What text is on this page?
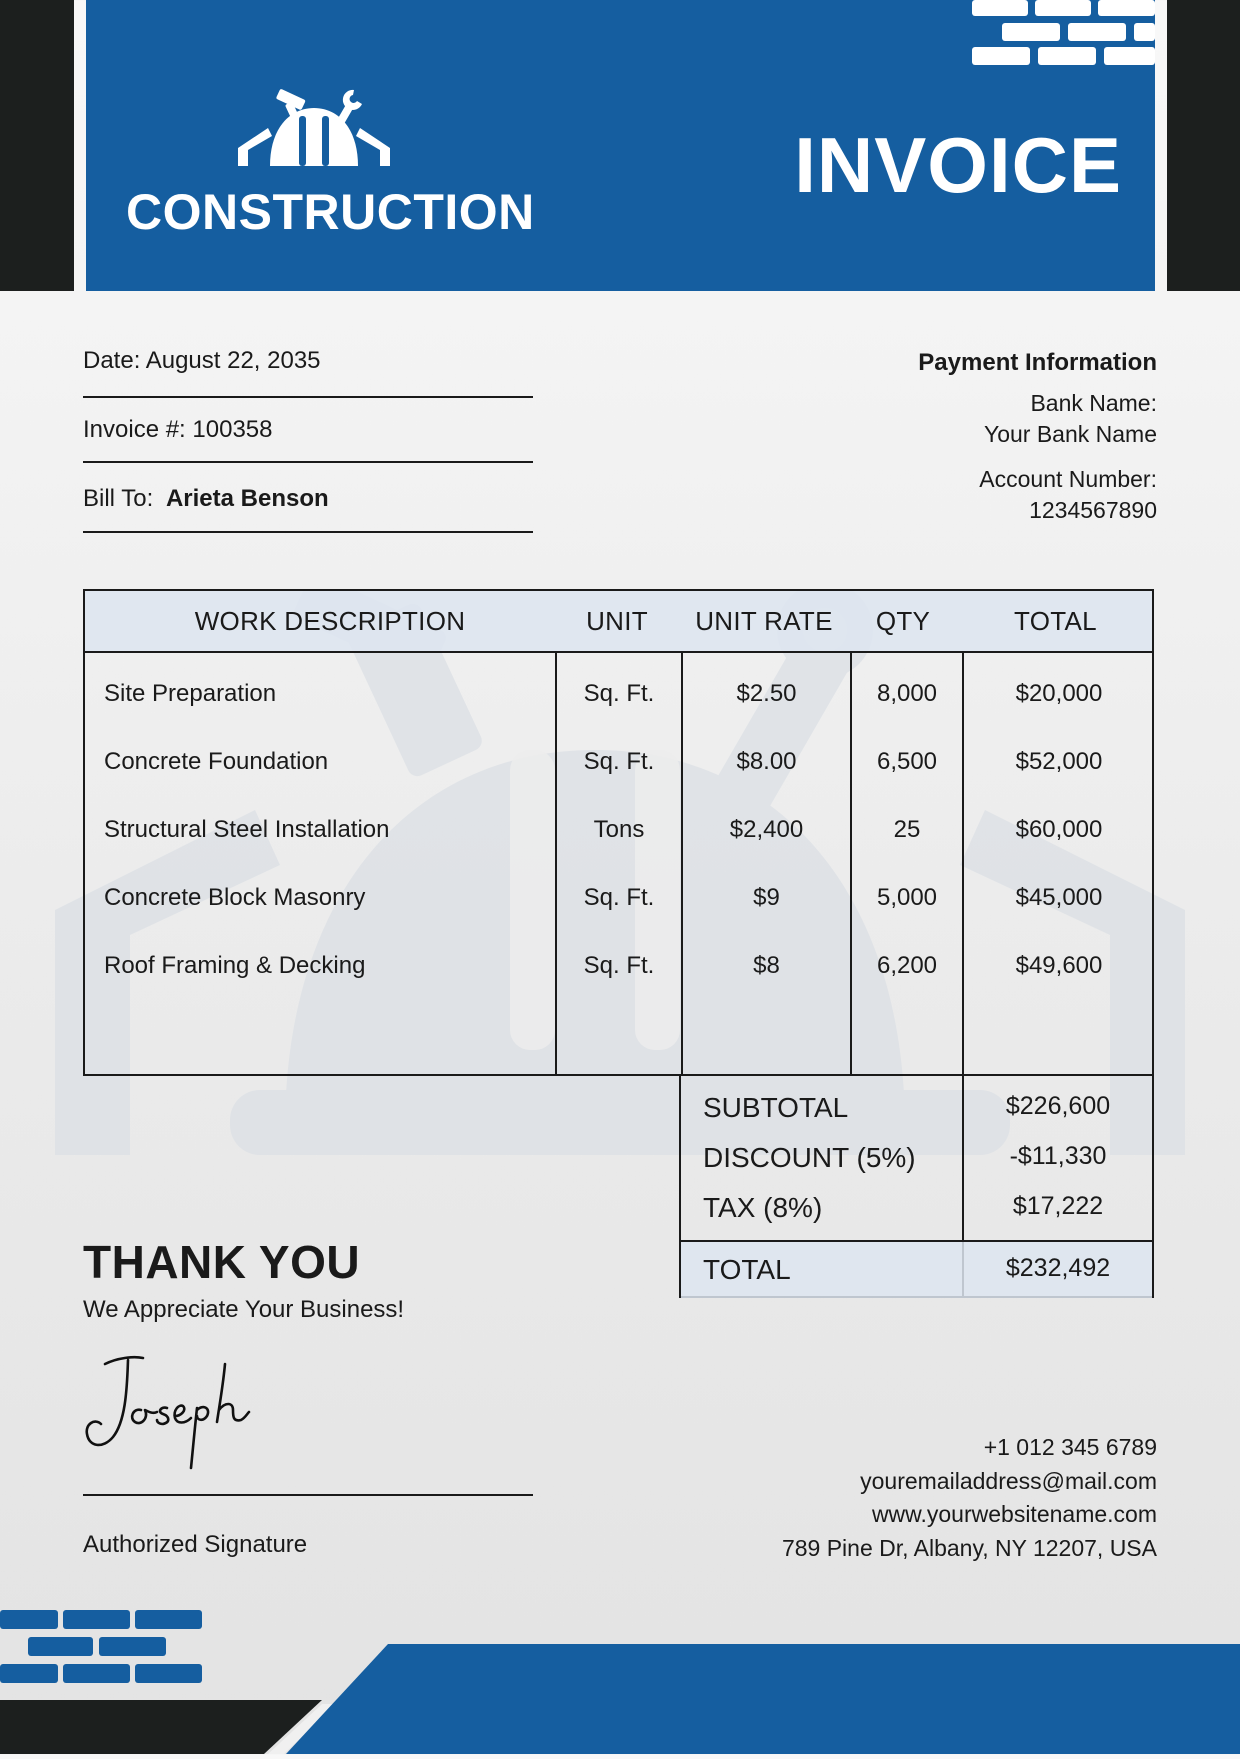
CONSTRUCTION
INVOICE
Date: August 22, 2035
Invoice #: 100358
Bill To: Arieta Benson
Payment Information
Bank Name:
Your Bank Name
Account Number:
1234567890
WORK DESCRIPTION	UNIT	UNIT RATE	QTY	TOTAL
Site Preparation	Sq. Ft.	$2.50	8,000	$20,000
Concrete Foundation	Sq. Ft.	$8.00	6,500	$52,000
Structural Steel Installation	Tons	$2,400	25	$60,000
Concrete Block Masonry	Sq. Ft.	$9	5,000	$45,000
Roof Framing & Decking	Sq. Ft.	$8	6,200	$49,600
SUBTOTAL	$226,600
DISCOUNT (5%)	-$11,330
TAX (8%)	$17,222
TOTAL	$232,492
THANK YOU
We Appreciate Your Business!
Authorized Signature
+1 012 345 6789
youremailaddress@mail.com
www.yourwebsitename.com
789 Pine Dr, Albany, NY 12207, USA
